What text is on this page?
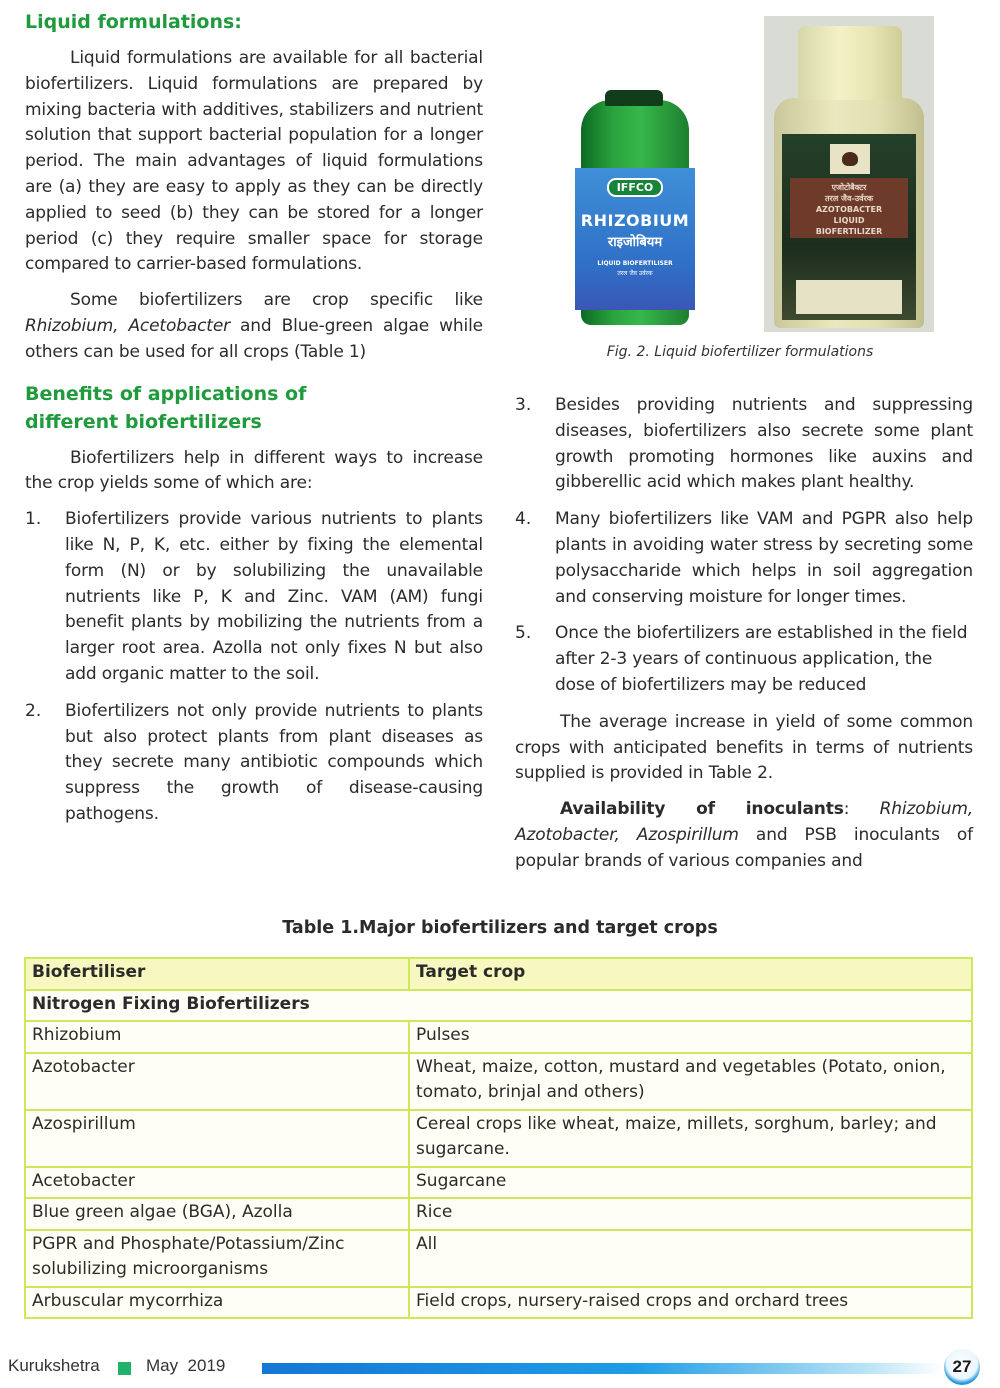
Liquid formulations:

Liquid formulations are available for all bacterial biofertilizers. Liquid formulations are prepared by mixing bacteria with additives, stabilizers and nutrient solution that support bacterial population for a longer period. The main advantages of liquid formulations are (a) they are easy to apply as they can be directly applied to seed (b) they can be stored for a longer period (c) they require smaller space for storage compared to carrier-based formulations.

Some biofertilizers are crop specific like Rhizobium, Acetobacter and Blue-green algae while others can be used for all crops (Table 1)

Benefits of applications of different biofertilizers

Biofertilizers help in different ways to increase the crop yields some of which are:

1.	Biofertilizers provide various nutrients to plants like N, P, K, etc. either by fixing the elemental form (N) or by solubilizing the unavailable nutrients like P, K and Zinc. VAM (AM) fungi benefit plants by mobilizing the nutrients from a larger root area. Azolla not only fixes N but also add organic matter to the soil.
2.	Biofertilizers not only provide nutrients to plants but also protect plants from plant diseases as they secrete many antibiotic compounds which suppress the growth of disease-causing pathogens.
IFFCO
RHIZOBIUM
राइजोबियम
LIQUID BIOFERTILISER
तरल जैव उर्वरक
एजोटोबैक्टर
तरल जैव-उर्वरक
AZOTOBACTER
LIQUID
BIOFERTILIZER
Fig. 2. Liquid biofertilizer formulations
3.	Besides providing nutrients and suppressing diseases, biofertilizers also secrete some plant growth promoting hormones like auxins and gibberellic acid which makes plant healthy.
4.	Many biofertilizers like VAM and PGPR also help plants in avoiding water stress by secreting some polysaccharide which helps in soil aggregation and conserving moisture for longer times.
5.	Once the biofertilizers are established in the field after 2-3 years of continuous application, the dose of biofertilizers may be reduced

The average increase in yield of some common crops with anticipated benefits in terms of nutrients supplied is provided in Table 2.

Availability of inoculants: Rhizobium, Azotobacter, Azospirillum and PSB inoculants of popular brands of various companies and

Table 1.Major biofertilizers and target crops
Biofertiliser	Target crop
Nitrogen Fixing Biofertilizers	
Rhizobium	Pulses
Azotobacter	Wheat, maize, cotton, mustard and vegetables (Potato, onion, tomato, brinjal and others)
Azospirillum	Cereal crops like wheat, maize, millets, sorghum, barley; and sugarcane.
Acetobacter	Sugarcane
Blue green algae (BGA), Azolla	Rice
PGPR and Phosphate/Potassium/Zinc solubilizing microorganisms	All
Arbuscular mycorrhiza	Field crops, nursery-raised crops and orchard trees
Kurukshetra	May  2019	27
